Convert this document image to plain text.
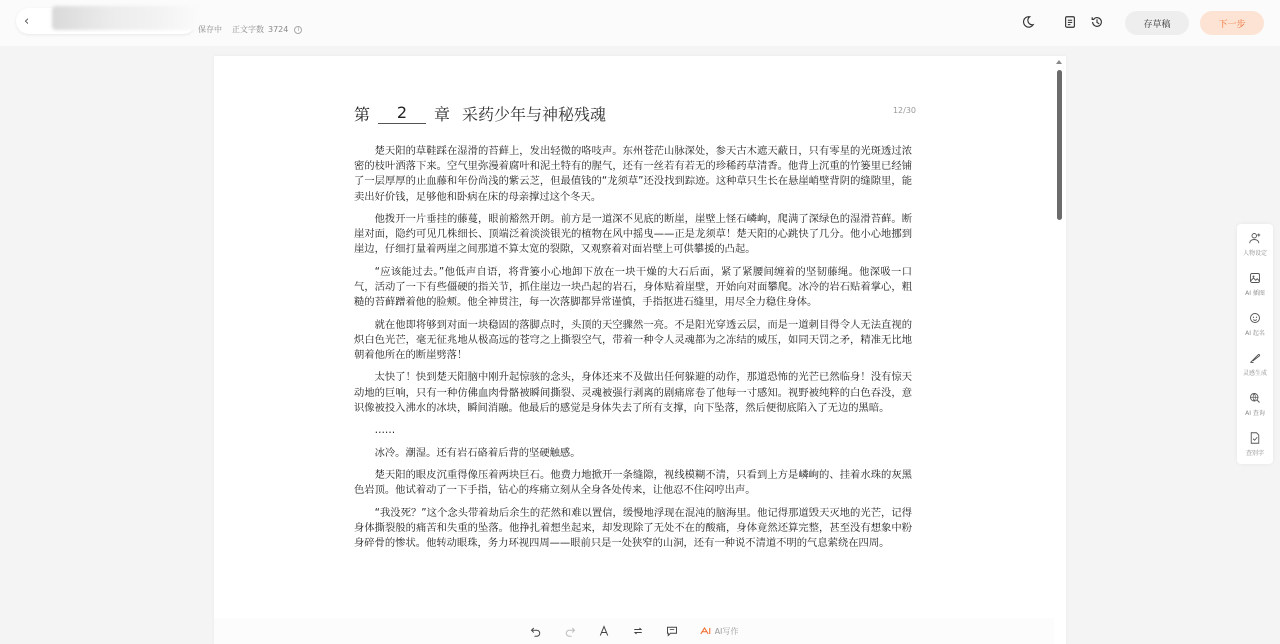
‹
保存中 正文字数 3724	i	存草稿	下一步
第	2	章 采药少年与神秘残魂	12/30

楚天阳的草鞋踩在湿滑的苔藓上，发出轻微的咯吱声。东州苍茫山脉深处，参天古木遮天蔽日，只有零星的光斑透过浓密的枝叶洒落下来。空气里弥漫着腐叶和泥土特有的腥气，还有一丝若有若无的珍稀药草清香。他背上沉重的竹篓里已经铺了一层厚厚的止血藤和年份尚浅的紫云芝，但最值钱的“龙须草”还没找到踪迹。这种草只生长在悬崖峭壁背阴的缝隙里，能卖出好价钱，足够他和卧病在床的母亲撑过这个冬天。

他拨开一片垂挂的藤蔓，眼前豁然开朗。前方是一道深不见底的断崖，崖壁上怪石嶙峋，爬满了深绿色的湿滑苔藓。断崖对面，隐约可见几株细长、顶端泛着淡淡银光的植物在风中摇曳——正是龙须草！楚天阳的心跳快了几分。他小心地挪到崖边，仔细打量着两崖之间那道不算太宽的裂隙，又观察着对面岩壁上可供攀援的凸起。

“应该能过去。”他低声自语，将背篓小心地卸下放在一块干燥的大石后面，紧了紧腰间缠着的坚韧藤绳。他深吸一口气，活动了一下有些僵硬的指关节，抓住崖边一块凸起的岩石，身体贴着崖壁，开始向对面攀爬。冰冷的岩石贴着掌心，粗糙的苔藓蹭着他的脸颊。他全神贯注，每一次落脚都异常谨慎，手指抠进石缝里，用尽全力稳住身体。

就在他即将够到对面一块稳固的落脚点时，头顶的天空骤然一亮。不是阳光穿透云层，而是一道刺目得令人无法直视的炽白色光芒，毫无征兆地从极高远的苍穹之上撕裂空气，带着一种令人灵魂都为之冻结的威压，如同天罚之矛，精准无比地朝着他所在的断崖劈落！

太快了！快到楚天阳脑中刚升起惊骇的念头，身体还来不及做出任何躲避的动作，那道恐怖的光芒已然临身！没有惊天动地的巨响，只有一种仿佛血肉骨骼被瞬间撕裂、灵魂被强行剥离的剧痛席卷了他每一寸感知。视野被纯粹的白色吞没，意识像被投入沸水的冰块，瞬间消融。他最后的感觉是身体失去了所有支撑，向下坠落，然后便彻底陷入了无边的黑暗。

……

冰冷。潮湿。还有岩石硌着后背的坚硬触感。

楚天阳的眼皮沉重得像压着两块巨石。他费力地掀开一条缝隙，视线模糊不清，只看到上方是嶙峋的、挂着水珠的灰黑色岩顶。他试着动了一下手指，钻心的疼痛立刻从全身各处传来，让他忍不住闷哼出声。

“我没死？”这个念头带着劫后余生的茫然和难以置信，缓慢地浮现在混沌的脑海里。他记得那道毁天灭地的光芒，记得身体撕裂般的痛苦和失重的坠落。他挣扎着想坐起来，却发现除了无处不在的酸痛，身体竟然还算完整，甚至没有想象中粉身碎骨的惨状。他转动眼珠，务力环视四周——眼前只是一处狭窄的山洞，还有一种说不清道不明的气息萦绕在四周。

AI写作
人物设定
AI 插图
AI 起名
灵感生成
AI 查询
查别字
